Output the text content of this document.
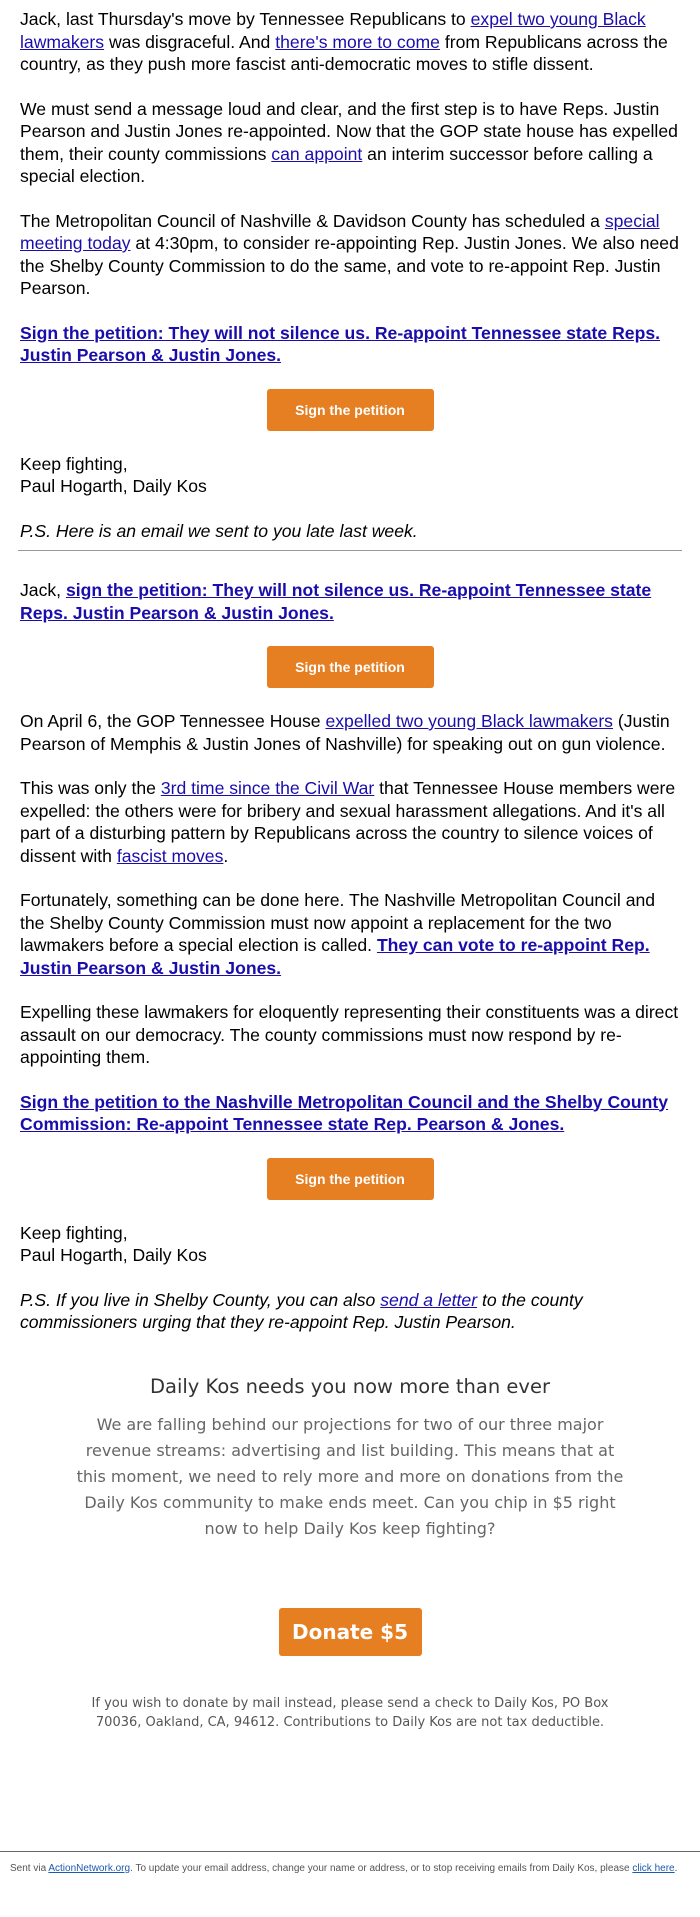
Jack, last Thursday's move by Tennessee Republicans to expel two young Black lawmakers was disgraceful. And there's more to come from Republicans across the country, as they push more fascist anti-democratic moves to stifle dissent.

We must send a message loud and clear, and the first step is to have Reps. Justin Pearson and Justin Jones re-appointed. Now that the GOP state house has expelled them, their county commissions can appoint an interim successor before calling a special election.

The Metropolitan Council of Nashville & Davidson County has scheduled a special meeting today at 4:30pm, to consider re-appointing Rep. Justin Jones. We also need the Shelby County Commission to do the same, and vote to re-appoint Rep. Justin Pearson.

Sign the petition: They will not silence us. Re-appoint Tennessee state Reps. Justin Pearson & Justin Jones.

Sign the petition

Keep fighting,
Paul Hogarth, Daily Kos

P.S. Here is an email we sent to you late last week.

Jack, sign the petition: They will not silence us. Re-appoint Tennessee state Reps. Justin Pearson & Justin Jones.

Sign the petition

On April 6, the GOP Tennessee House expelled two young Black lawmakers (Justin Pearson of Memphis & Justin Jones of Nashville) for speaking out on gun violence.

This was only the 3rd time since the Civil War that Tennessee House members were expelled: the others were for bribery and sexual harassment allegations. And it's all part of a disturbing pattern by Republicans across the country to silence voices of dissent with fascist moves.

Fortunately, something can be done here. The Nashville Metropolitan Council and the Shelby County Commission must now appoint a replacement for the two lawmakers before a special election is called. They can vote to re-appoint Rep. Justin Pearson & Justin Jones.

Expelling these lawmakers for eloquently representing their constituents was a direct assault on our democracy. The county commissions must now respond by re-appointing them.

Sign the petition to the Nashville Metropolitan Council and the Shelby County Commission: Re-appoint Tennessee state Rep. Pearson & Jones.

Sign the petition

Keep fighting,
Paul Hogarth, Daily Kos

P.S. If you live in Shelby County, you can also send a letter to the county commissioners urging that they re-appoint Rep. Justin Pearson.

Daily Kos needs you now more than ever

We are falling behind our projections for two of our three major revenue streams: advertising and list building. This means that at this moment, we need to rely more and more on donations from the Daily Kos community to make ends meet. Can you chip in $5 right now to help Daily Kos keep fighting?

Donate $5

If you wish to donate by mail instead, please send a check to Daily Kos, PO Box 70036, Oakland, CA, 94612. Contributions to Daily Kos are not tax deductible.

Sent via ActionNetwork.org. To update your email address, change your name or address, or to stop receiving emails from Daily Kos, please click here.
